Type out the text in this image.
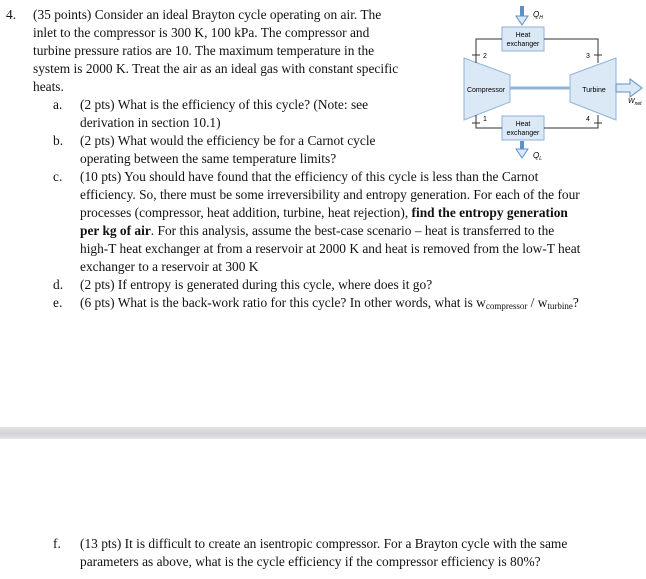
4. (35 points) Consider an ideal Brayton cycle operating on air. The
inlet to the compressor is 300 K, 100 kPa. The compressor and
turbine pressure ratios are 10. The maximum temperature in the
system is 2000 K. Treat the air as an ideal gas with constant specific
heats.
a. (2 pts) What is the efficiency of this cycle? (Note: see
derivation in section 10.1)
b. (2 pts) What would the efficiency be for a Carnot cycle
operating between the same temperature limits?
c. (10 pts) You should have found that the efficiency of this cycle is less than the Carnot
efficiency. So, there must be some irreversibility and entropy generation. For each of the four
processes (compressor, heat addition, turbine, heat rejection), find the entropy generation
per kg of air. For this analysis, assume the best-case scenario – heat is transferred to the
high-T heat exchanger at from a reservoir at 2000 K and heat is removed from the low-T heat
exchanger to a reservoir at 300 K
d. (2 pts) If entropy is generated during this cycle, where does it go?
e. (6 pts) What is the back-work ratio for this cycle? In other words, what is $w_{compressor} / w_{turbine}$?
f. (13 pts) It is difficult to create an isentropic compressor. For a Brayton cycle with the same
parameters as above, what is the cycle efficiency if the compressor efficiency is 80%?
$Q_H$
Heat
exchanger
Heat
exchanger
$Q_L$
Compressor	Turbine
$W_{net}$
2	3
4
1
